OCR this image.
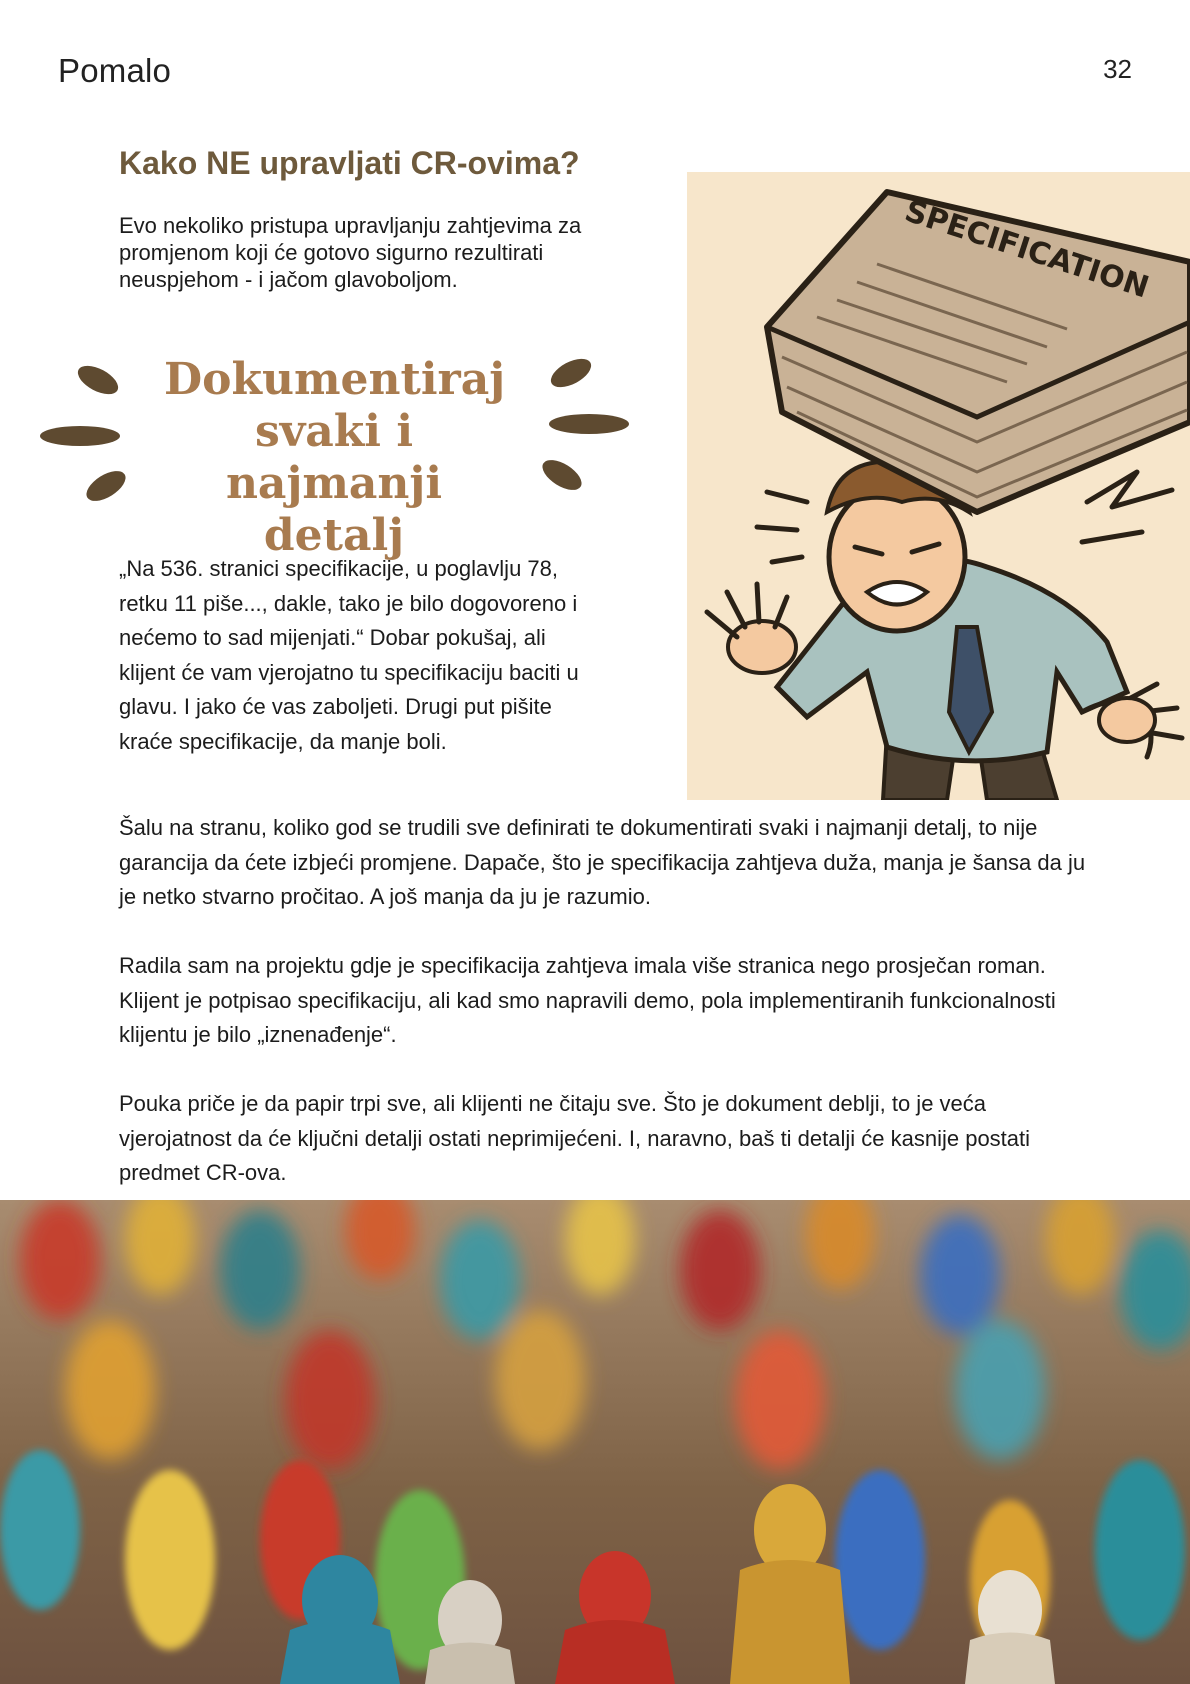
Pomalo	32
Kako NE upravljati CR-ovima?

Evo nekoliko pristupa upravljanju zahtjevima za promjenom koji će gotovo sigurno rezultirati neuspjehom - i jačom glavoboljom.

Dokumentiraj svaki i najmanji detalj

„Na 536. stranici specifikacije, u poglavlju 78, retku 11 piše..., dakle, tako je bilo dogovoreno i nećemo to sad mijenjati.“ Dobar pokušaj, ali klijent će vam vjerojatno tu specifikaciju baciti u glavu. I jako će vas zaboljeti. Drugi put pišite kraće specifikacije, da manje boli.

Šalu na stranu, koliko god se trudili sve definirati te dokumentirati svaki i najmanji detalj, to nije garancija da ćete izbjeći promjene. Dapače, što je specifikacija zahtjeva duža, manja je šansa da ju je netko stvarno pročitao. A još manja da ju je razumio.

Radila sam na projektu gdje je specifikacija zahtjeva imala više stranica nego prosječan roman. Klijent je potpisao specifikaciju, ali kad smo napravili demo, pola implementiranih funkcionalnosti klijentu je bilo „iznenađenje“.

Pouka priče je da papir trpi sve, ali klijenti ne čitaju sve. Što je dokument deblji, to je veća vjerojatnost da će ključni detalji ostati neprimijećeni. I, naravno, baš ti detalji će kasnije postati predmet CR-ova.

SPECIFICATION
